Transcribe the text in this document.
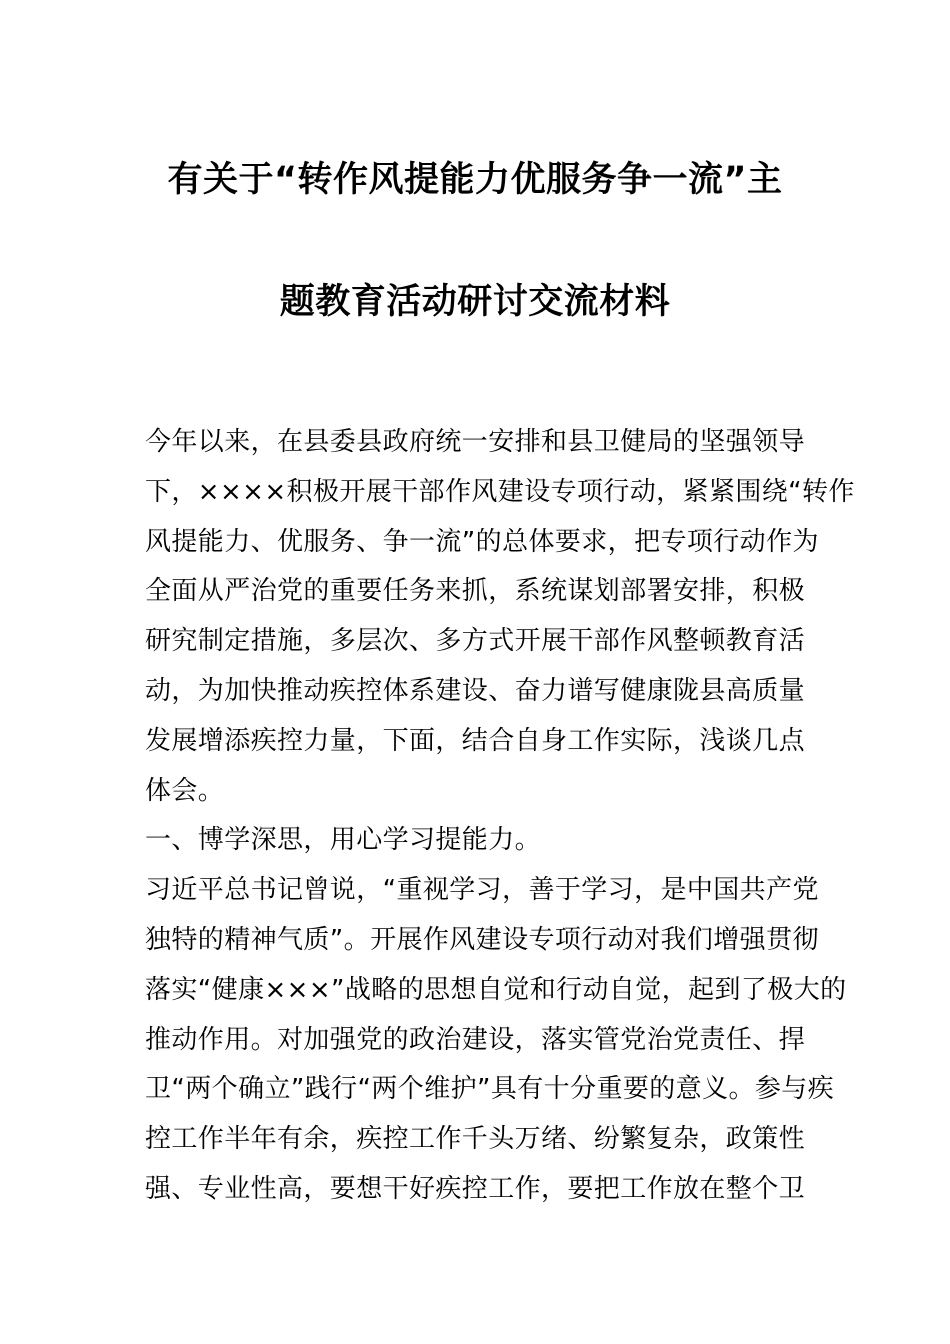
有关于“转作风提能力优服务争一流”主
题教育活动研讨交流材料
今年以来，在县委县政府统一安排和县卫健局的坚强领导
下，××××积极开展干部作风建设专项行动，紧紧围绕“转作
风提能力、优服务、争一流”的总体要求，把专项行动作为
全面从严治党的重要任务来抓，系统谋划部署安排，积极
研究制定措施，多层次、多方式开展干部作风整顿教育活
动，为加快推动疾控体系建设、奋力谱写健康陇县高质量
发展增添疾控力量，下面，结合自身工作实际，浅谈几点
体会。
一、博学深思，用心学习提能力。
习近平总书记曾说，“重视学习，善于学习，是中国共产党
独特的精神气质”。开展作风建设专项行动对我们增强贯彻
落实“健康×××”战略的思想自觉和行动自觉，起到了极大的
推动作用。对加强党的政治建设，落实管党治党责任、捍
卫“两个确立”践行“两个维护”具有十分重要的意义。参与疾
控工作半年有余，疾控工作千头万绪、纷繁复杂，政策性
强、专业性高，要想干好疾控工作，要把工作放在整个卫
